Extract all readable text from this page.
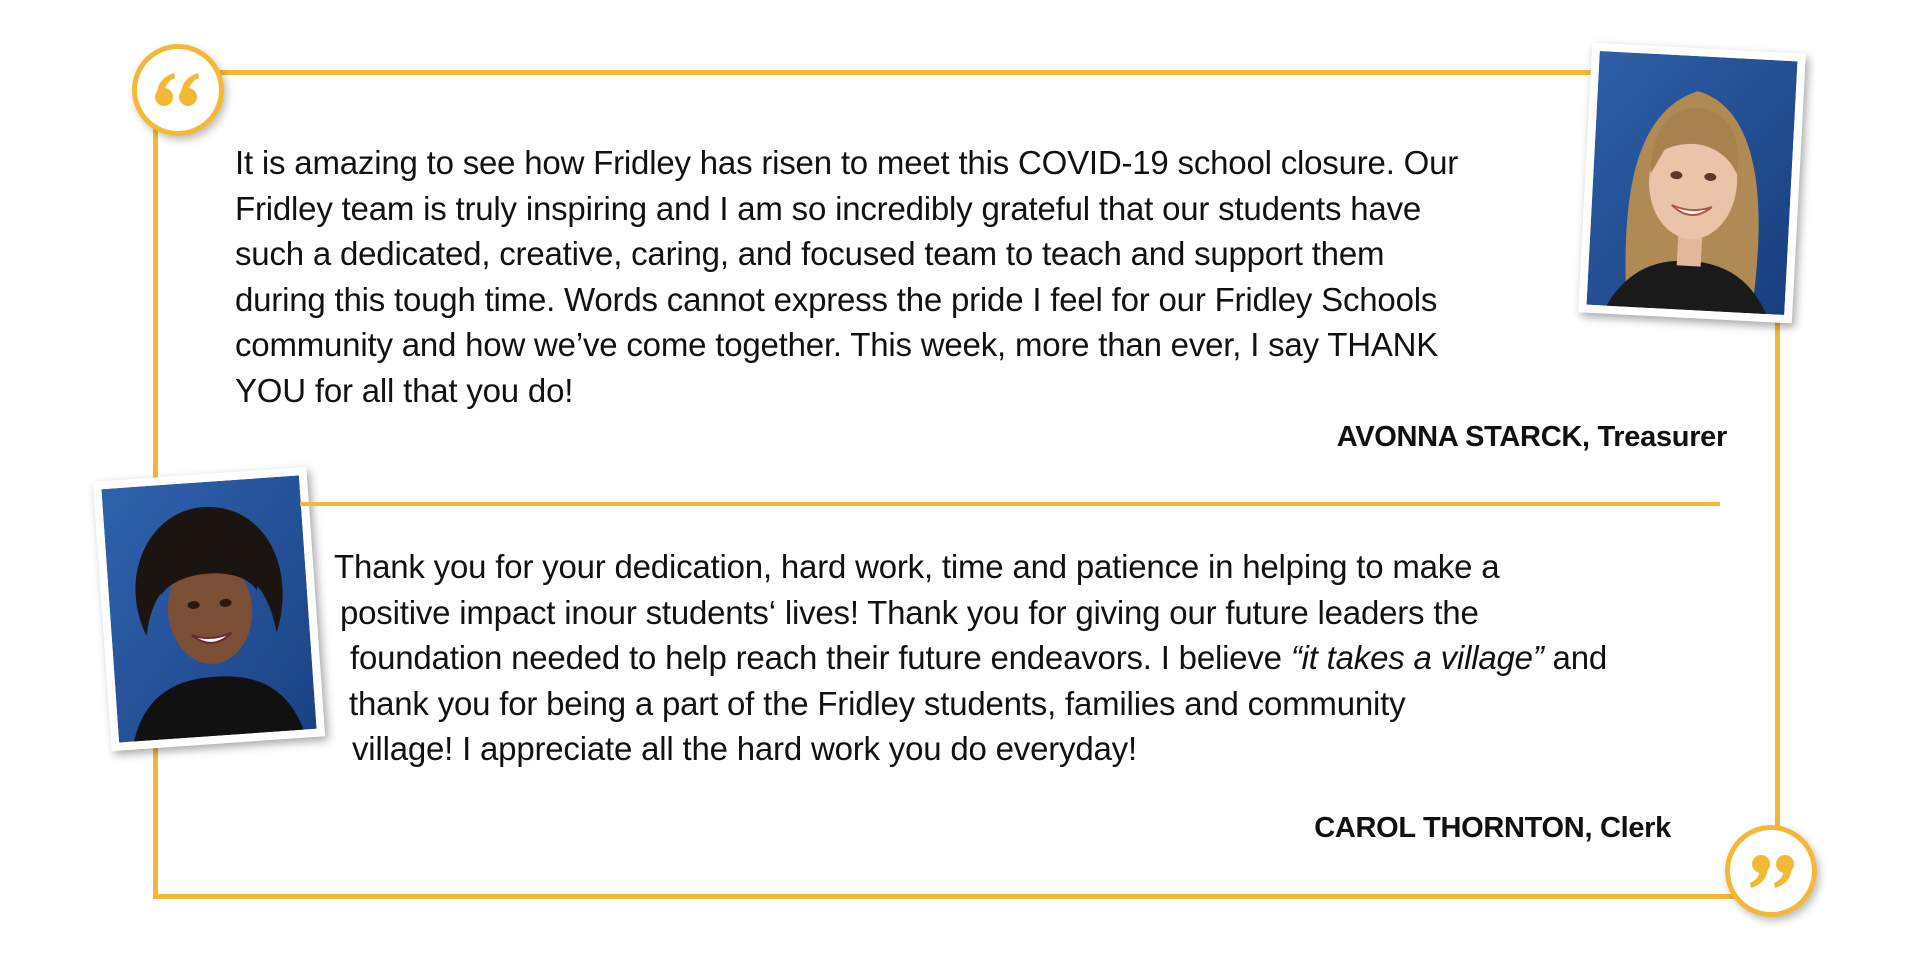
It is amazing to see how Fridley has risen to meet this COVID-19 school closure. Our
Fridley team is truly inspiring and I am so incredibly grateful that our students have
such a dedicated, creative, caring, and focused team to teach and support them
during this tough time. Words cannot express the pride I feel for our Fridley Schools
community and how we’ve come together. This week, more than ever, I say THANK
YOU for all that you do!
AVONNA STARCK, Treasurer
Thank you for your dedication, hard work, time and patience in helping to make a
positive impact inour students‘ lives! Thank you for giving our future leaders the
foundation needed to help reach their future endeavors. I believe “it takes a village” and
thank you for being a part of the Fridley students, families and community
village! I appreciate all the hard work you do everyday!
CAROL THORNTON, Clerk
